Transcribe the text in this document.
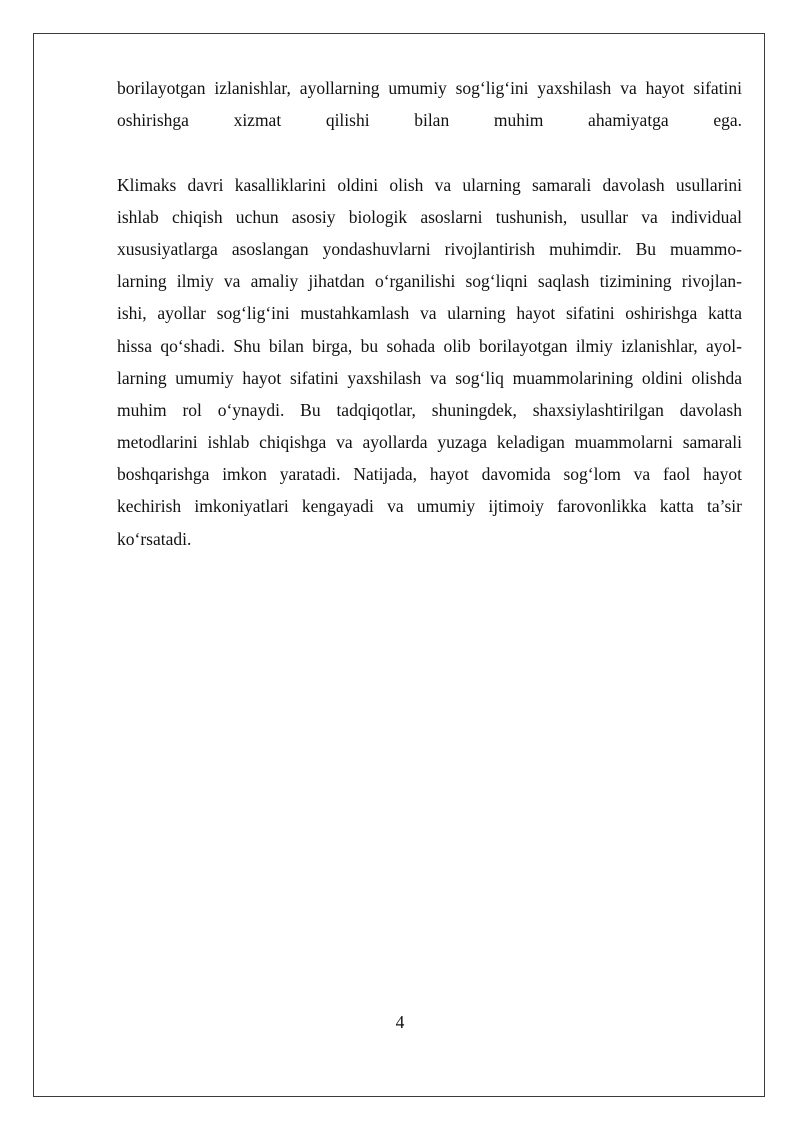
borilayotgan izlanishlar, ayollarning umumiy sog‘lig‘ini yaxshilash va hayot sifatini
oshirishga xizmat qilishi bilan muhim ahamiyatga ega.
Klimaks davri kasalliklarini oldini olish va ularning samarali davolash usullarini
ishlab chiqish uchun asosiy biologik asoslarni tushunish, usullar va individual
xususiyatlarga asoslangan yondashuvlarni rivojlantirish muhimdir. Bu muammo-
larning ilmiy va amaliy jihatdan o‘rganilishi sog‘liqni saqlash tizimining rivojlan-
ishi, ayollar sog‘lig‘ini mustahkamlash va ularning hayot sifatini oshirishga katta
hissa qo‘shadi. Shu bilan birga, bu sohada olib borilayotgan ilmiy izlanishlar, ayol-
larning umumiy hayot sifatini yaxshilash va sog‘liq muammolarining oldini olishda
muhim rol o‘ynaydi. Bu tadqiqotlar, shuningdek, shaxsiylashtirilgan davolash
metodlarini ishlab chiqishga va ayollarda yuzaga keladigan muammolarni samarali
boshqarishga imkon yaratadi. Natijada, hayot davomida sog‘lom va faol hayot
kechirish imkoniyatlari kengayadi va umumiy ijtimoiy farovonlikka katta ta’sir
ko‘rsatadi.
4
